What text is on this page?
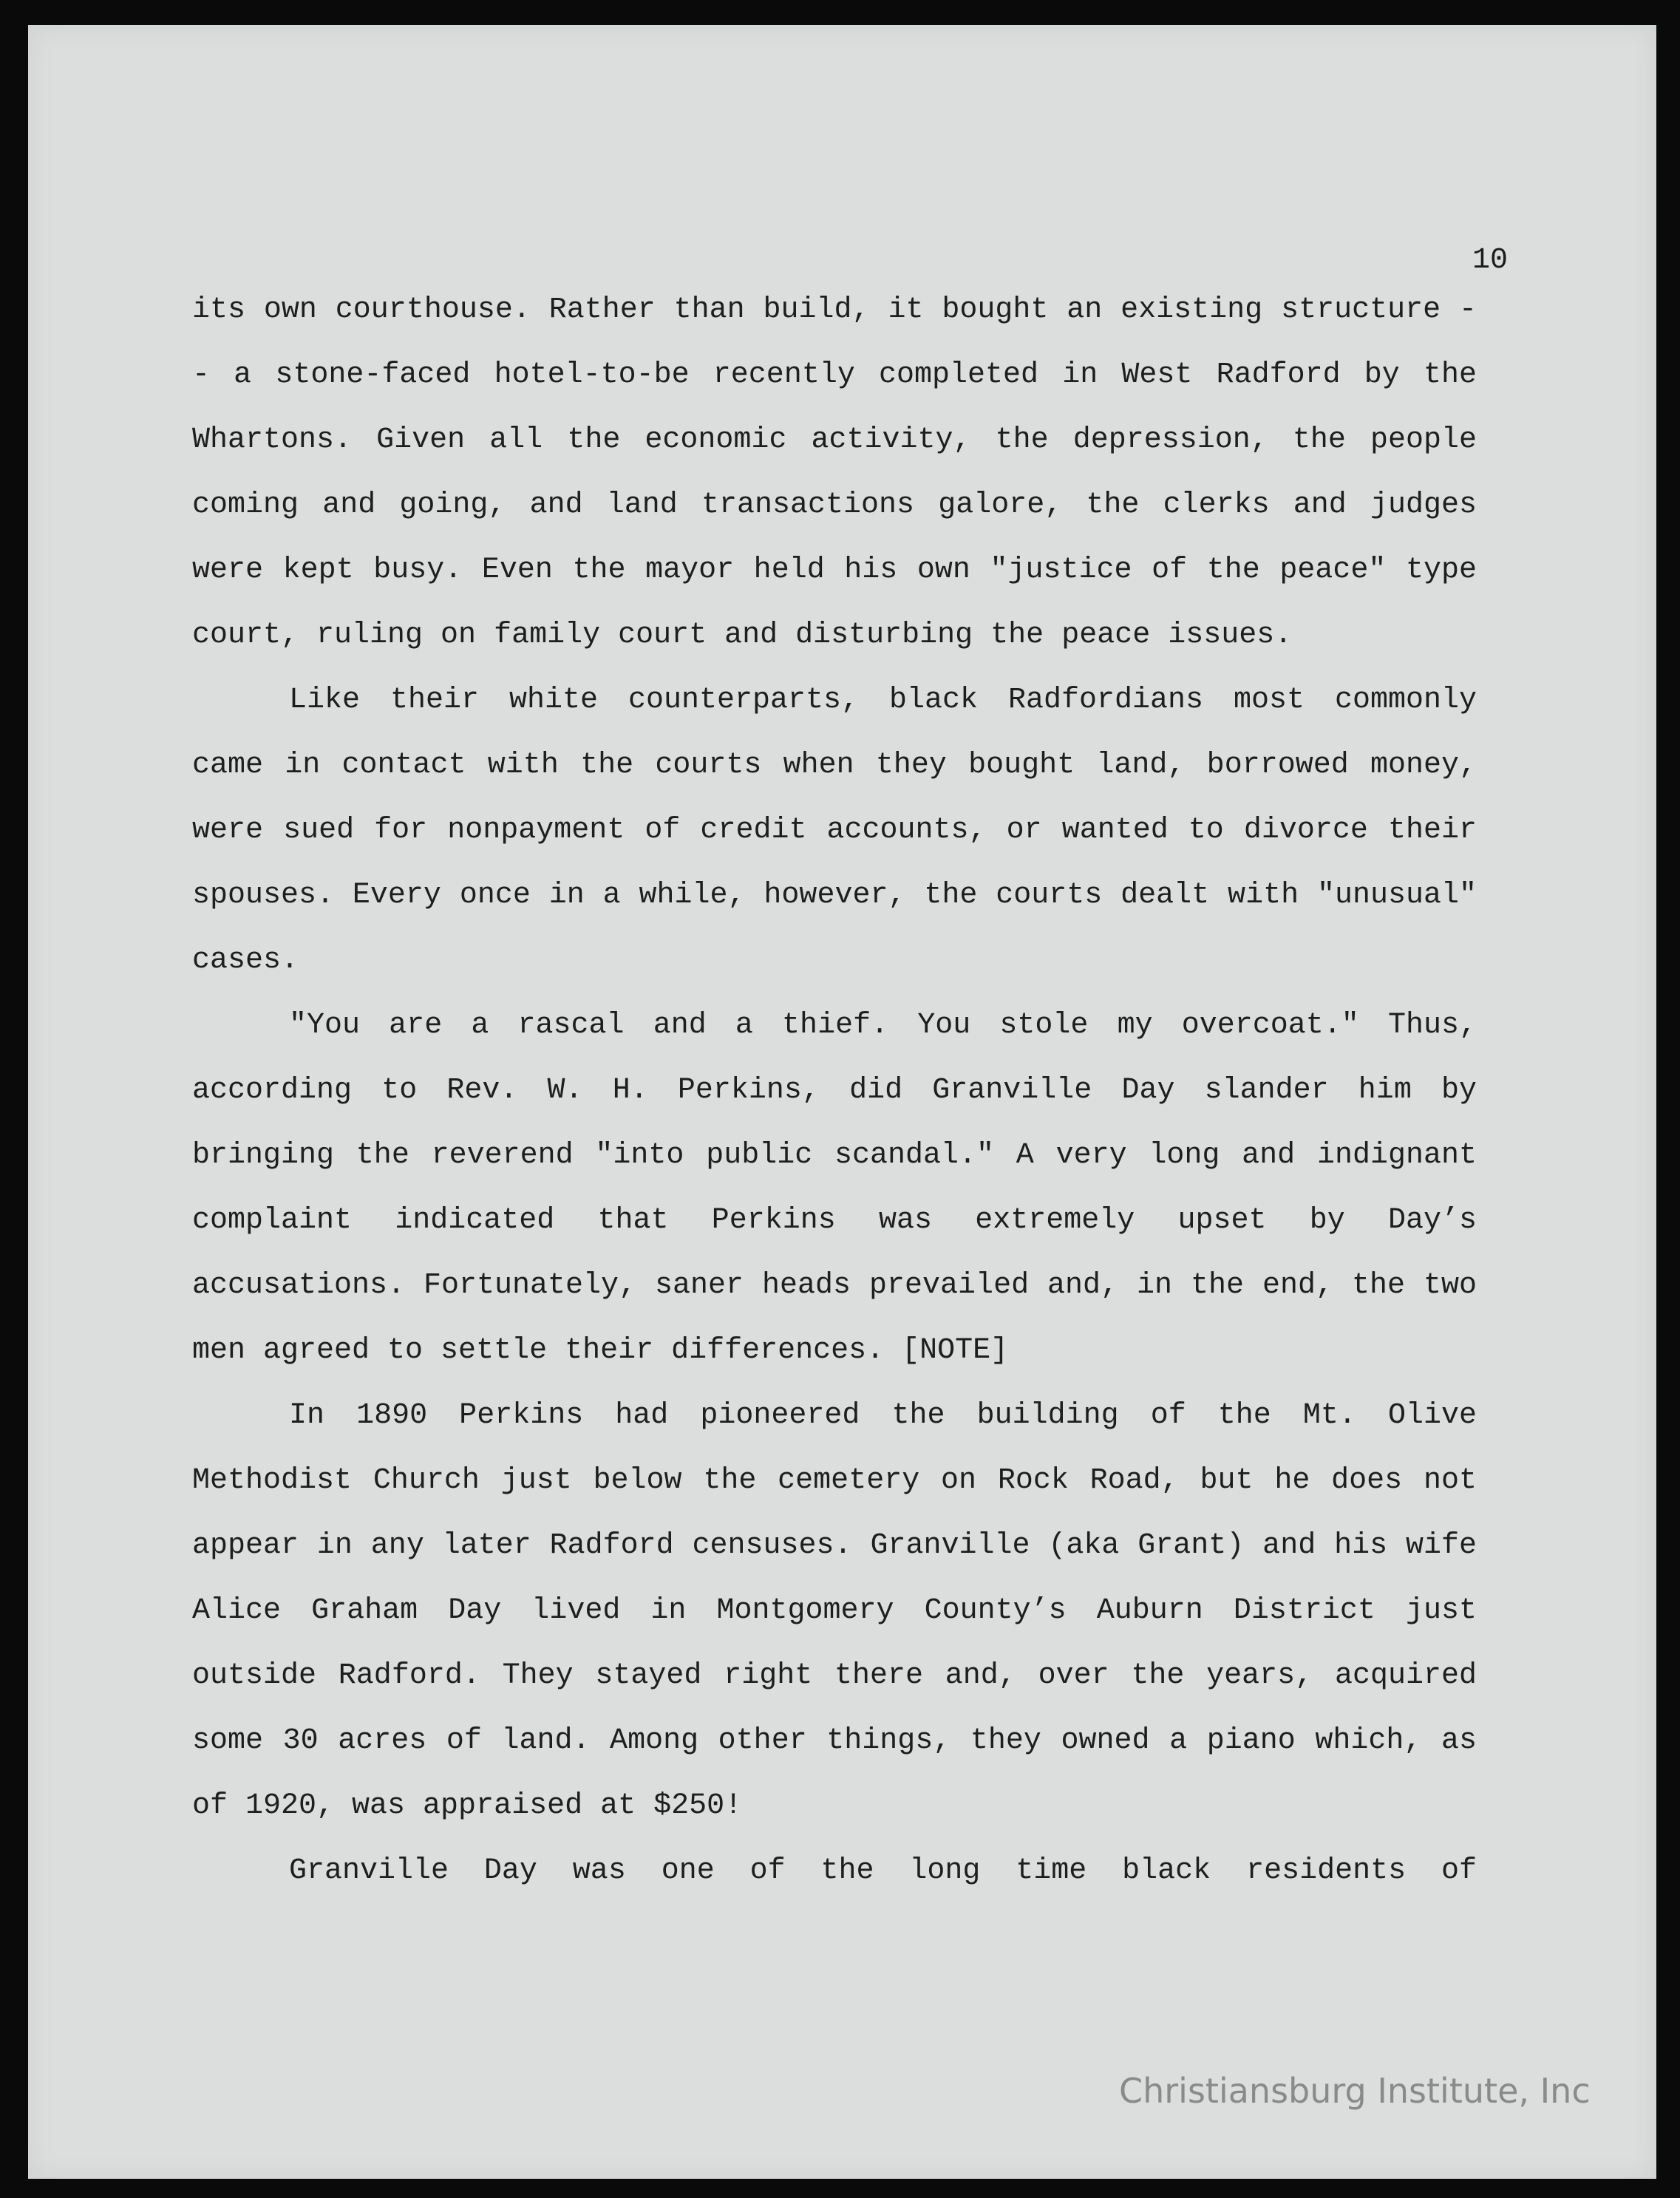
10

its own courthouse. Rather than build, it bought an existing structure -- a stone-faced hotel-to-be recently completed in West Radford by the Whartons. Given all the economic activity, the depression, the people coming and going, and land transactions galore, the clerks and judges were kept busy. Even the mayor held his own "justice of the peace" type court, ruling on family court and disturbing the peace issues.

Like their white counterparts, black Radfordians most commonly came in contact with the courts when they bought land, borrowed money, were sued for nonpayment of credit accounts, or wanted to divorce their spouses. Every once in a while, however, the courts dealt with "unusual" cases.

"You are a rascal and a thief. You stole my overcoat." Thus, according to Rev. W. H. Perkins, did Granville Day slander him by bringing the reverend "into public scandal." A very long and indignant complaint indicated that Perkins was extremely upset by Day’s accusations. Fortunately, saner heads prevailed and, in the end, the two men agreed to settle their differences. [NOTE]

In 1890 Perkins had pioneered the building of the Mt. Olive Methodist Church just below the cemetery on Rock Road, but he does not appear in any later Radford censuses. Granville (aka Grant) and his wife Alice Graham Day lived in Montgomery County’s Auburn District just outside Radford. They stayed right there and, over the years, acquired some 30 acres of land. Among other things, they owned a piano which, as of 1920, was appraised at $250!

Granville Day was one of the long time black residents of

Christiansburg Institute, Inc
